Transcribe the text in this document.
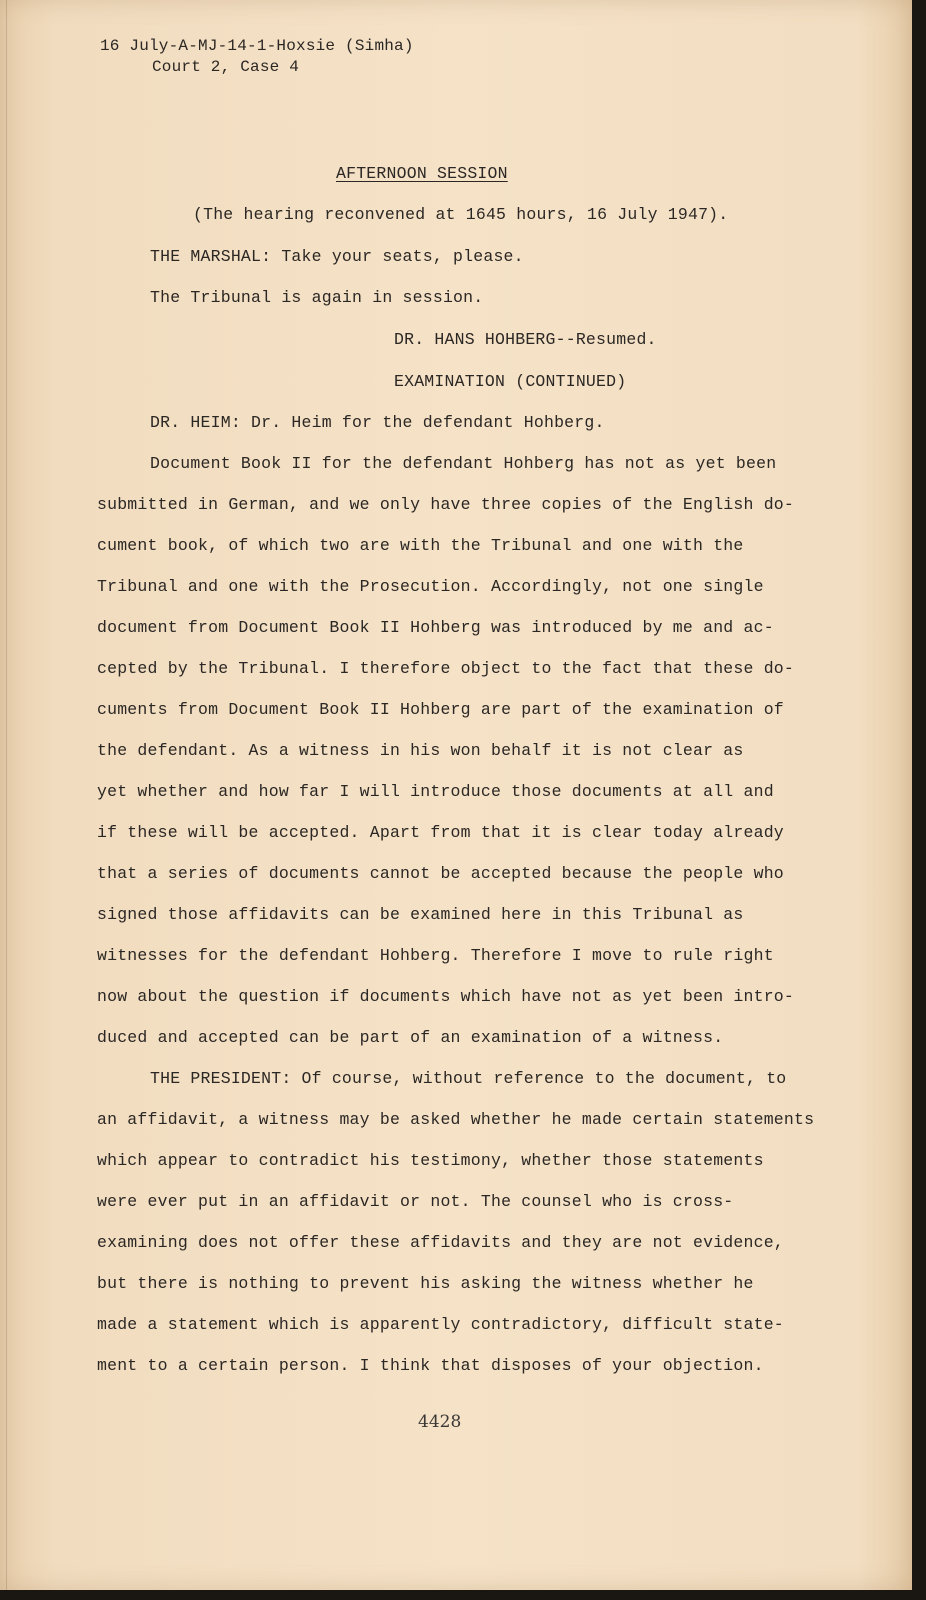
16 July-A-MJ-14-1-Hoxsie (Simha)
Court 2, Case 4
AFTERNOON SESSION
(The hearing reconvened at 1645 hours, 16 July 1947).
THE MARSHAL: Take your seats, please.
The Tribunal is again in session.
DR. HANS HOHBERG--Resumed.
EXAMINATION (CONTINUED)
DR. HEIM: Dr. Heim for the defendant Hohberg.
Document Book II for the defendant Hohberg has not as yet been
submitted in German, and we only have three copies of the English do-
cument book, of which two are with the Tribunal and one with the
Tribunal and one with the Prosecution. Accordingly, not one single
document from Document Book II Hohberg was introduced by me and ac-
cepted by the Tribunal. I therefore object to the fact that these do-
cuments from Document Book II Hohberg are part of the examination of
the defendant. As a witness in his won behalf it is not clear as
yet whether and how far I will introduce those documents at all and
if these will be accepted. Apart from that it is clear today already
that a series of documents cannot be accepted because the people who
signed those affidavits can be examined here in this Tribunal as
witnesses for the defendant Hohberg. Therefore I move to rule right
now about the question if documents which have not as yet been intro-
duced and accepted can be part of an examination of a witness.
THE PRESIDENT: Of course, without reference to the document, to
an affidavit, a witness may be asked whether he made certain statements
which appear to contradict his testimony, whether those statements
were ever put in an affidavit or not. The counsel who is cross-
examining does not offer these affidavits and they are not evidence,
but there is nothing to prevent his asking the witness whether he
made a statement which is apparently contradictory, difficult state-
ment to a certain person. I think that disposes of your objection.
4428
